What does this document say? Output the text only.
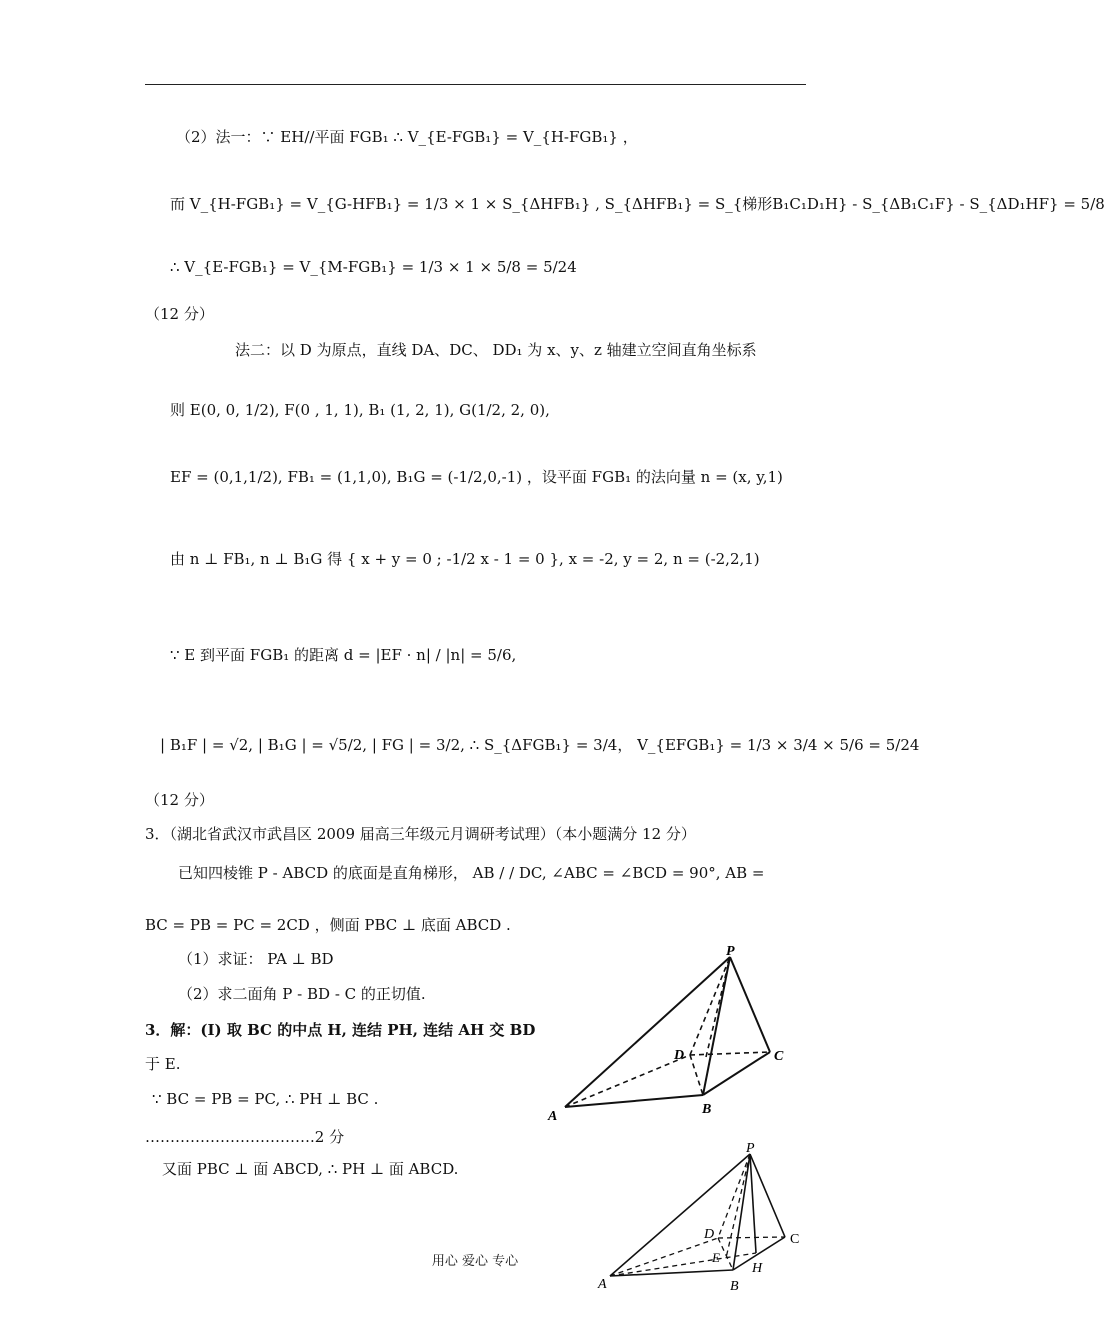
（2）法一：∵ EH//平面 FGB₁ ∴ V_{E-FGB₁} = V_{H-FGB₁} ，
而 V_{H-FGB₁} = V_{G-HFB₁} = 1/3 × 1 × S_{ΔHFB₁} , S_{ΔHFB₁} = S_{梯形B₁C₁D₁H} - S_{ΔB₁C₁F} - S_{ΔD₁HF} = 5/8
∴ V_{E-FGB₁} = V_{M-FGB₁} = 1/3 × 1 × 5/8 = 5/24
（12 分）
法二：以 D 为原点，直线 DA、DC、 DD₁ 为 x、y、z 轴建立空间直角坐标系
则 E(0, 0, 1/2), F(0 , 1, 1), B₁ (1, 2, 1), G(1/2, 2, 0),
EF = (0,1,1/2), FB₁ = (1,1,0), B₁G = (-1/2,0,-1) ，设平面 FGB₁ 的法向量 n = (x, y,1)
由 n ⊥ FB₁, n ⊥ B₁G 得 { x + y = 0 ; -1/2 x - 1 = 0 }, x = -2, y = 2, n = (-2,2,1)
∵ E 到平面 FGB₁ 的距离 d = |EF · n| / |n| = 5/6,
| B₁F | = √2, | B₁G | = √5/2, | FG | = 3/2, ∴ S_{ΔFGB₁} = 3/4， V_{EFGB₁} = 1/3 × 3/4 × 5/6 = 5/24
（12 分）
3．（湖北省武汉市武昌区 2009 届高三年级元月调研考试理）（本小题满分 12 分）
已知四棱锥 P - ABCD 的底面是直角梯形， AB / / DC, ∠ABC = ∠BCD = 90°, AB =
BC = PB = PC = 2CD ，侧面 PBC ⊥ 底面 ABCD .
（1）求证： PA ⊥ BD
（2）求二面角 P - BD - C 的正切值.
3．解：(Ⅰ) 取 BC 的中点 H, 连结 PH, 连结 AH 交 BD
于 E.
∵ BC = PB = PC, ∴ PH ⊥ BC .
…………………………….2 分
又面 PBC ⊥ 面 ABCD, ∴ PH ⊥ 面 ABCD.
P
D	C
A	B
P
D
E
C
H
A	B
用心 爱心 专心
